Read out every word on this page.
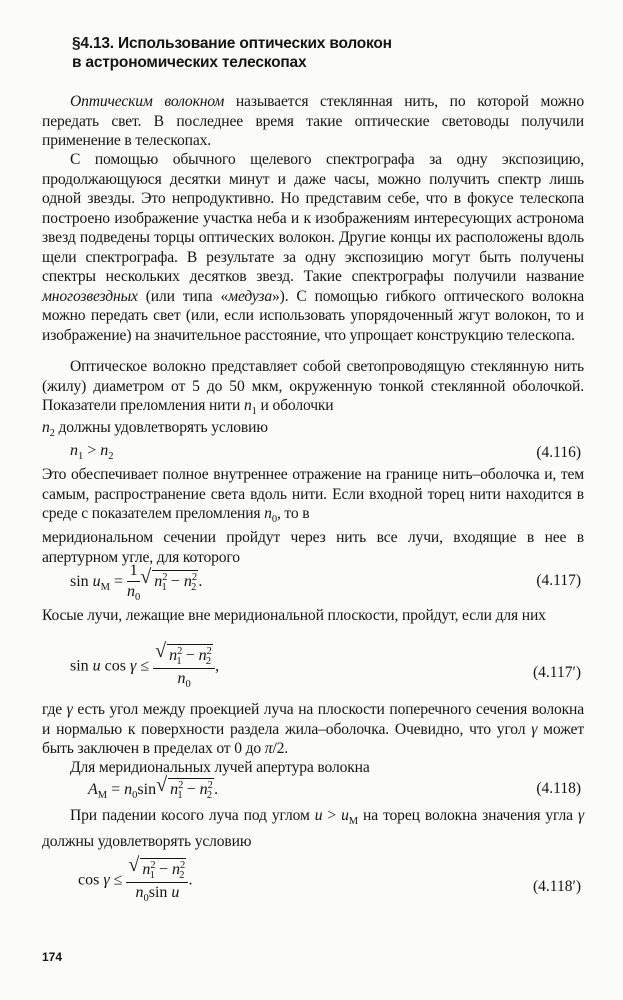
§4.13. Использование оптических волокон
в астрономических телескопах

Оптическим волокном называется стеклянная нить, по которой можно передать свет. В последнее время такие оптические световоды получили применение в телескопах.

С помощью обычного щелевого спектрографа за одну экспозицию, продолжающуюся десятки минут и даже часы, можно получить спектр лишь одной звезды. Это непродуктивно. Но представим себе, что в фокусе телескопа построено изображение участка неба и к изображениям интересующих астронома звезд подведены торцы оптических волокон. Другие концы их расположены вдоль щели спектрографа. В результате за одну экспозицию могут быть получены спектры нескольких десятков звезд. Такие спектрографы получили название многозвездных (или типа «медуза»). С помощью гибкого оптического волокна можно передать свет (или, если использовать упорядоченный жгут волокон, то и изображение) на значительное расстояние, что упрощает конструкцию телескопа.

Оптическое волокно представляет собой светопроводящую стеклянную нить (жилу) диаметром от 5 до 50 мкм, окруженную тонкой стеклянной оболочкой. Показатели преломления нити $n_1$ и оболочки

$n_2$ должны удовлетворять условию
$n_1 > n_2$	(4.116)

Это обеспечивает полное внутреннее отражение на границе нить–оболочка и, тем самым, распространение света вдоль нити. Если входной торец нити находится в среде с показателем преломления $n_0$, то в

меридиональном сечении пройдут через нить все лучи, входящие в нее в апертурном угле, для которого
$\sin u_M = \frac{1}{n_0}$ √ $n^2_1 - n^2_2$ .	(4.117)

Косые лучи, лежащие вне меридиональной плоскости, пройдут, если для них

sin u $\cos \gamma \le \frac{√ n^2_1 - n^2_2}{n_0}$ ,	(4.117′)

где γ есть угол между проекцией луча на плоскости поперечного сечения волокна и нормалью к поверхности раздела жила–оболочка. Очевидно, что угол γ может быть заключен в пределах от 0 до π/2.

Для меридиональных лучей апертура волокна
$A_M = n_0\sin$ √ $n^2_1 - n^2_2$ .	(4.118)

При падении косого луча под углом $u > u_M$ на торец волокна значения угла γ должны удовлетворять условию

$\cos \gamma \le \frac{√ n^2_1 - n^2_2}{n_0\sin u}$ .	(4.118′)
174
